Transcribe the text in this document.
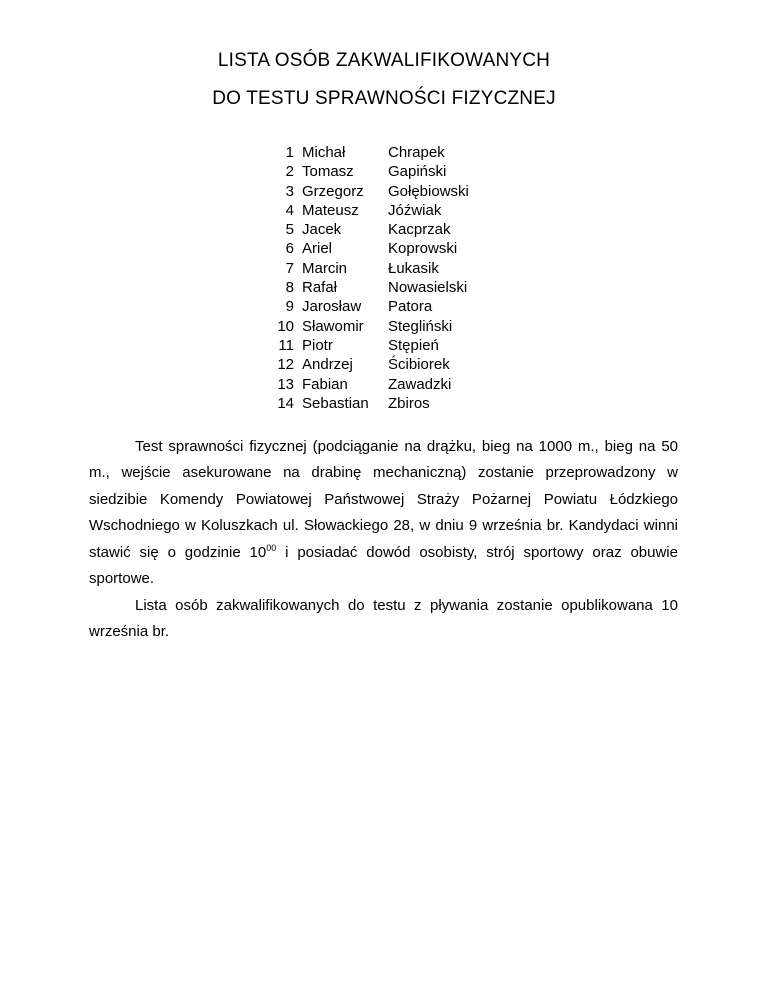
LISTA OSÓB ZAKWALIFIKOWANYCH
DO TESTU SPRAWNOŚCI FIZYCZNEJ
1	Michał	Chrapek
2	Tomasz	Gapiński
3	Grzegorz	Gołębiowski
4	Mateusz	Jóźwiak
5	Jacek	Kacprzak
6	Ariel	Koprowski
7	Marcin	Łukasik
8	Rafał	Nowasielski
9	Jarosław	Patora
10	Sławomir	Stegliński
11	Piotr	Stępień
12	Andrzej	Ścibiorek
13	Fabian	Zawadzki
14	Sebastian	Zbiros
Test sprawności fizycznej (podciąganie na drążku, bieg na 1000 m., bieg na 50 m., wejście asekurowane na drabinę mechaniczną) zostanie przeprowadzony w siedzibie Komendy Powiatowej Państwowej Straży Pożarnej Powiatu Łódzkiego Wschodniego w Koluszkach ul. Słowackiego 28, w dniu 9 września br. Kandydaci winni stawić się o godzinie $10^{00}$ i posiadać dowód osobisty, strój sportowy oraz obuwie sportowe.
Lista osób zakwalifikowanych do testu z pływania zostanie opublikowana 10 września br.
